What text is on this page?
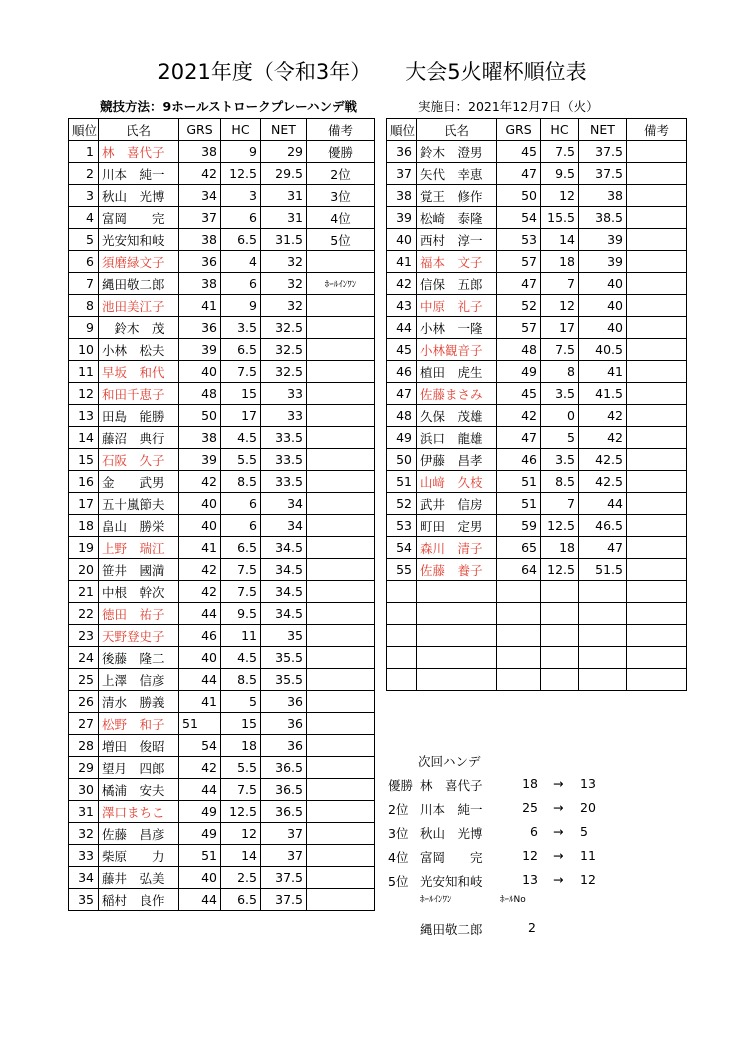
2021年度（令和3年） 大会5火曜杯順位表
競技方法：9ホールストロークプレーハンデ戦	実施日：2021年12月7日（火）
順位	氏名	GRS	HC	NET	備考
1	林　喜代子	38	9	29	優勝
2	川本　純一	42	12.5	29.5	2位
3	秋山　光博	34	3	31	3位
4	富岡　　完	37	6	31	4位
5	光安知和岐	38	6.5	31.5	5位
6	須磨緑文子	36	4	32	
7	縄田敬二郎	38	6	32	ﾎｰﾙｲﾝﾜﾝ
8	池田美江子	41	9	32	
9	　鈴木　茂	36	3.5	32.5	
10	小林　松夫	39	6.5	32.5	
11	早坂　和代	40	7.5	32.5	
12	和田千恵子	48	15	33	
13	田島　能勝	50	17	33	
14	藤沼　典行	38	4.5	33.5	
15	石阪　久子	39	5.5	33.5	
16	金　　武男	42	8.5	33.5	
17	五十嵐節夫	40	6	34	
18	畠山　勝栄	40	6	34	
19	上野　瑞江	41	6.5	34.5	
20	笹井　國満	42	7.5	34.5	
21	中根　幹次	42	7.5	34.5	
22	徳田　祐子	44	9.5	34.5	
23	天野登史子	46	11	35	
24	後藤　隆二	40	4.5	35.5	
25	上澤　信彦	44	8.5	35.5	
26	清水　勝義	41	5	36	
27	松野　和子	51	15	36	
28	増田　俊昭	54	18	36	
29	望月　四郎	42	5.5	36.5	
30	橘浦　安夫	44	7.5	36.5	
31	澤口まちこ	49	12.5	36.5	
32	佐藤　昌彦	49	12	37	
33	柴原　　力	51	14	37	
34	藤井　弘美	40	2.5	37.5	
35	稲村　良作	44	6.5	37.5	
順位	氏名	GRS	HC	NET	備考
36	鈴木　澄男	45	7.5	37.5	
37	矢代　幸恵	47	9.5	37.5	
38	覚王　修作	50	12	38	
39	松崎　泰隆	54	15.5	38.5	
40	西村　淳一	53	14	39	
41	福本　文子	57	18	39	
42	信保　五郎	47	7	40	
43	中原　礼子	52	12	40	
44	小林　一隆	57	17	40	
45	小林観音子	48	7.5	40.5	
46	植田　虎生	49	8	41	
47	佐藤まさみ	45	3.5	41.5	
48	久保　茂雄	42	0	42	
49	浜口　龍雄	47	5	42	
50	伊藤　昌孝	46	3.5	42.5	
51	山﨑　久枝	51	8.5	42.5	
52	武井　信房	51	7	44	
53	町田　定男	59	12.5	46.5	
54	森川　清子	65	18	47	
55	佐藤　養子	64	12.5	51.5	

次回ハンデ
優勝 林　喜代子	18 → 13
2位 川本　純一	25 → 20
3位 秋山　光博	6 → 5
4位 富岡　　完	12 → 11
5位 光安知和岐	13 → 12
ﾎｰﾙｲﾝﾜﾝ	ﾎｰﾙNo
縄田敬二郎	2
